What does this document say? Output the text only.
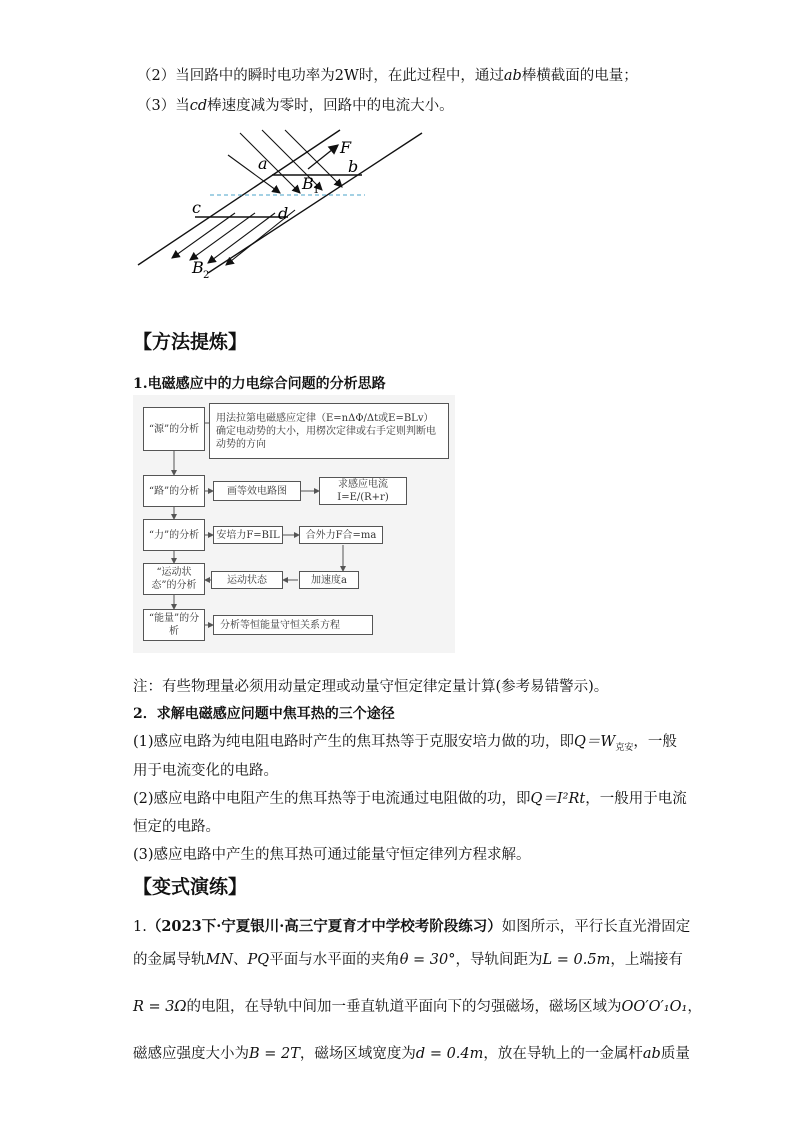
（2）当回路中的瞬时电功率为2W时，在此过程中，通过ab棒横截面的电量；
（3）当cd棒速度减为零时，回路中的电流大小。
a	b
c	d
F
B 1
B 2
【方法提炼】
1.电磁感应中的力电综合问题的分析思路
“源”的分析
用法拉第电磁感应定律（E=nΔΦ/Δt或E=BLv）确定电动势的大小，用楞次定律或右手定则判断电动势的方向
“路”的分析	画等效电路图
求感应电流I=E/(R+r)
“力”的分析	安培力F=BIL	合外力F合=ma
“运动状态”的分析	运动状态	加速度a
“能量”的分析
分析等恒能量守恒关系方程
注：有些物理量必须用动量定理或动量守恒定律定量计算(参考易错警示)。
2．求解电磁感应问题中焦耳热的三个途径
(1)感应电路为纯电阻电路时产生的焦耳热等于克服安培力做的功，即$Q=W_{克安}$，一般
用于电流变化的电路。
(2)感应电路中电阻产生的焦耳热等于电流通过电阻做的功，即Q＝I²Rt，一般用于电流
恒定的电路。
(3)感应电路中产生的焦耳热可通过能量守恒定律列方程求解。
【变式演练】
1.（2023下·宁夏银川·高三宁夏育才中学校考阶段练习）如图所示，平行长直光滑固定
的金属导轨MN、PQ平面与水平面的夹角θ = 30°，导轨间距为L = 0.5m，上端接有
R = 3Ω的电阻，在导轨中间加一垂直轨道平面向下的匀强磁场，磁场区域为OO′O′₁O₁，
磁感应强度大小为B = 2T，磁场区域宽度为d = 0.4m，放在导轨上的一金属杆ab质量
